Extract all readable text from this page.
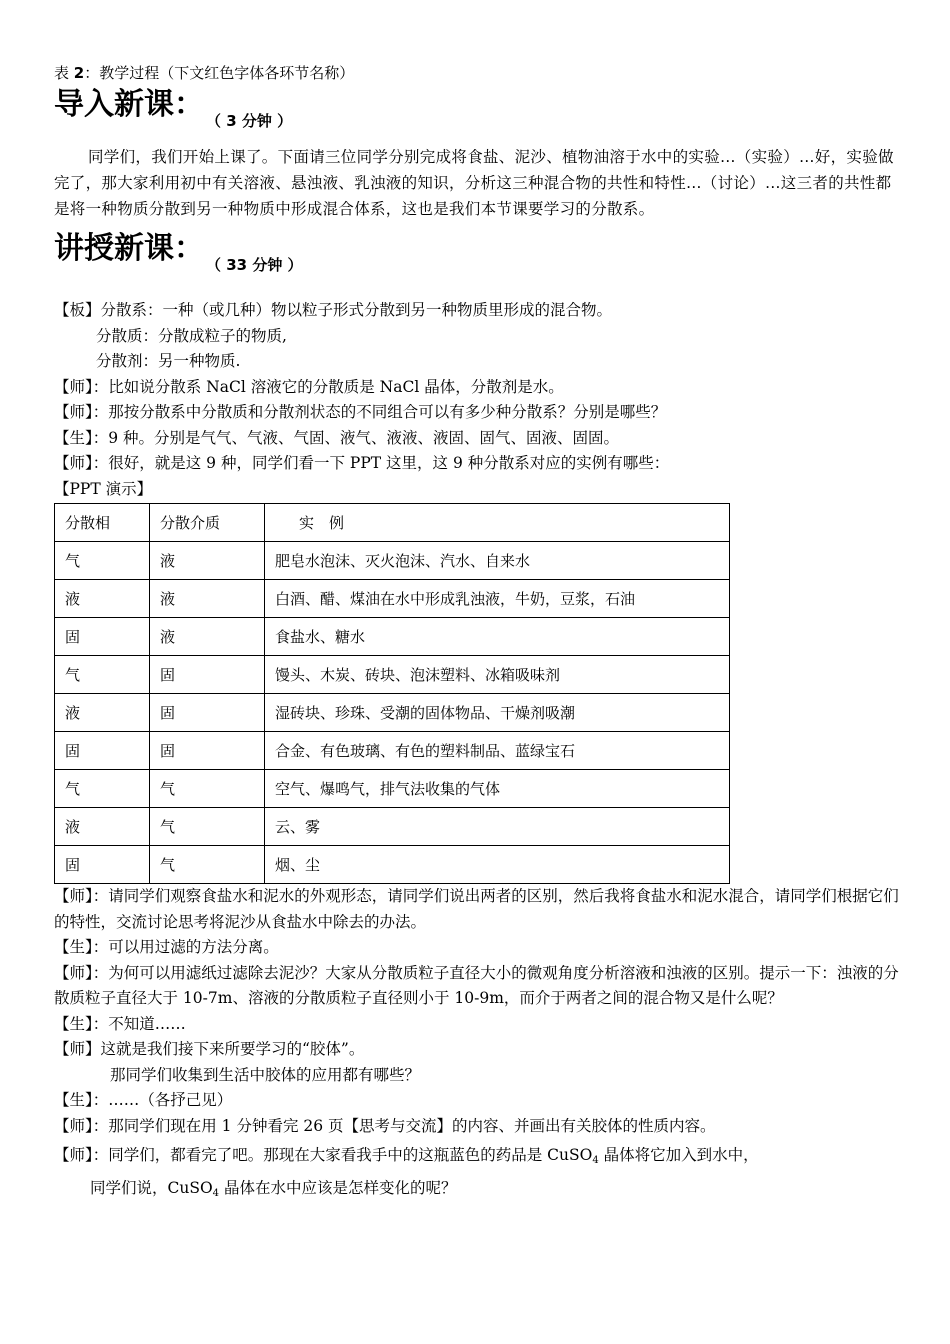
表 2：教学过程（下文红色字体各环节名称）
导入新课： （ 3 分钟 ）
同学们，我们开始上课了。下面请三位同学分别完成将食盐、泥沙、植物油溶于水中的实验…（实验）…好，实验做完了，那大家利用初中有关溶液、悬浊液、乳浊液的知识，分析这三种混合物的共性和特性…（讨论）…这三者的共性都是将一种物质分散到另一种物质中形成混合体系，这也是我们本节课要学习的分散系。
讲授新课： （ 33 分钟 ）
【板】分散系：一种（或几种）物以粒子形式分散到另一种物质里形成的混合物。
分散质：分散成粒子的物质,
分散剂：另一种物质.
【师】：比如说分散系 NaCl 溶液它的分散质是 NaCl 晶体，分散剂是水。
【师】：那按分散系中分散质和分散剂状态的不同组合可以有多少种分散系？分别是哪些？
【生】：9 种。分别是气气、气液、气固、液气、液液、液固、固气、固液、固固。
【师】：很好，就是这 9 种，同学们看一下 PPT 这里，这 9 种分散系对应的实例有哪些：
【PPT 演示】
分散相	分散介质	实　例
气	液	肥皂水泡沫、灭火泡沫、汽水、自来水
液	液	白酒、醋、煤油在水中形成乳浊液，牛奶，豆浆，石油
固	液	食盐水、糖水
气	固	馒头、木炭、砖块、泡沫塑料、冰箱吸味剂
液	固	湿砖块、珍珠、受潮的固体物品、干燥剂吸潮
固	固	合金、有色玻璃、有色的塑料制品、蓝绿宝石
气	气	空气、爆鸣气，排气法收集的气体
液	气	云、雾
固	气	烟、尘
【师】：请同学们观察食盐水和泥水的外观形态，请同学们说出两者的区别，然后我将食盐水和泥水混合，请同学们根据它们的特性，交流讨论思考将泥沙从食盐水中除去的办法。
【生】：可以用过滤的方法分离。
【师】：为何可以用滤纸过滤除去泥沙？大家从分散质粒子直径大小的微观角度分析溶液和浊液的区别。提示一下：浊液的分散质粒子直径大于 10-7m、溶液的分散质粒子直径则小于 10-9m，而介于两者之间的混合物又是什么呢？
【生】：不知道……
【师】这就是我们接下来所要学习的“胶体”。
那同学们收集到生活中胶体的应用都有哪些？
【生】：……（各抒己见）
【师】：那同学们现在用 1 分钟看完 26 页【思考与交流】的内容、并画出有关胶体的性质内容。
【师】：同学们，都看完了吧。那现在大家看我手中的这瓶蓝色的药品是 CuSO$_4$ 晶体将它加入到水中，
同学们说，CuSO$_4$ 晶体在水中应该是怎样变化的呢？
